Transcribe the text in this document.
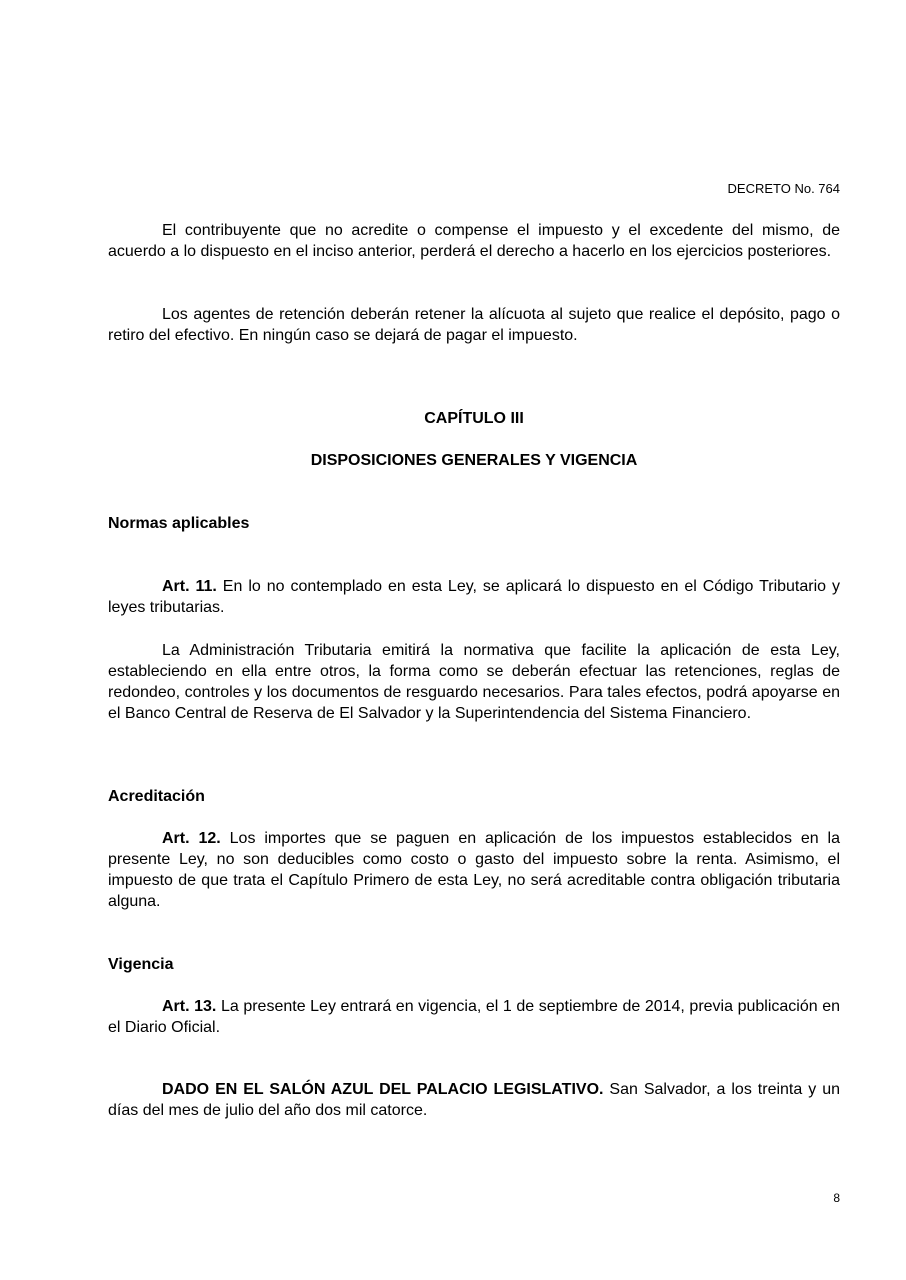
DECRETO No. 764

El contribuyente que no acredite o compense el impuesto y el excedente del mismo, de acuerdo a lo dispuesto en el inciso anterior, perderá el derecho a hacerlo en los ejercicios posteriores.

Los agentes de retención deberán retener la alícuota al sujeto que realice el depósito, pago o retiro del efectivo. En ningún caso se dejará de pagar el impuesto.

CAPÍTULO III
DISPOSICIONES GENERALES Y VIGENCIA
Normas aplicables

Art. 11. En lo no contemplado en esta Ley, se aplicará lo dispuesto en el Código Tributario y leyes tributarias.

La Administración Tributaria emitirá la normativa que facilite la aplicación de esta Ley, estableciendo en ella entre otros, la forma como se deberán efectuar las retenciones, reglas de redondeo, controles y los documentos de resguardo necesarios. Para tales efectos, podrá apoyarse en el Banco Central de Reserva de El Salvador y la Superintendencia del Sistema Financiero.

Acreditación

Art. 12. Los importes que se paguen en aplicación de los impuestos establecidos en la presente Ley, no son deducibles como costo o gasto del impuesto sobre la renta. Asimismo, el impuesto de que trata el Capítulo Primero de esta Ley, no será acreditable contra obligación tributaria alguna.

Vigencia

Art. 13. La presente Ley entrará en vigencia, el 1 de septiembre de 2014, previa publicación en el Diario Oficial.

DADO EN EL SALÓN AZUL DEL PALACIO LEGISLATIVO. San Salvador, a los treinta y un días del mes de julio del año dos mil catorce.

8
